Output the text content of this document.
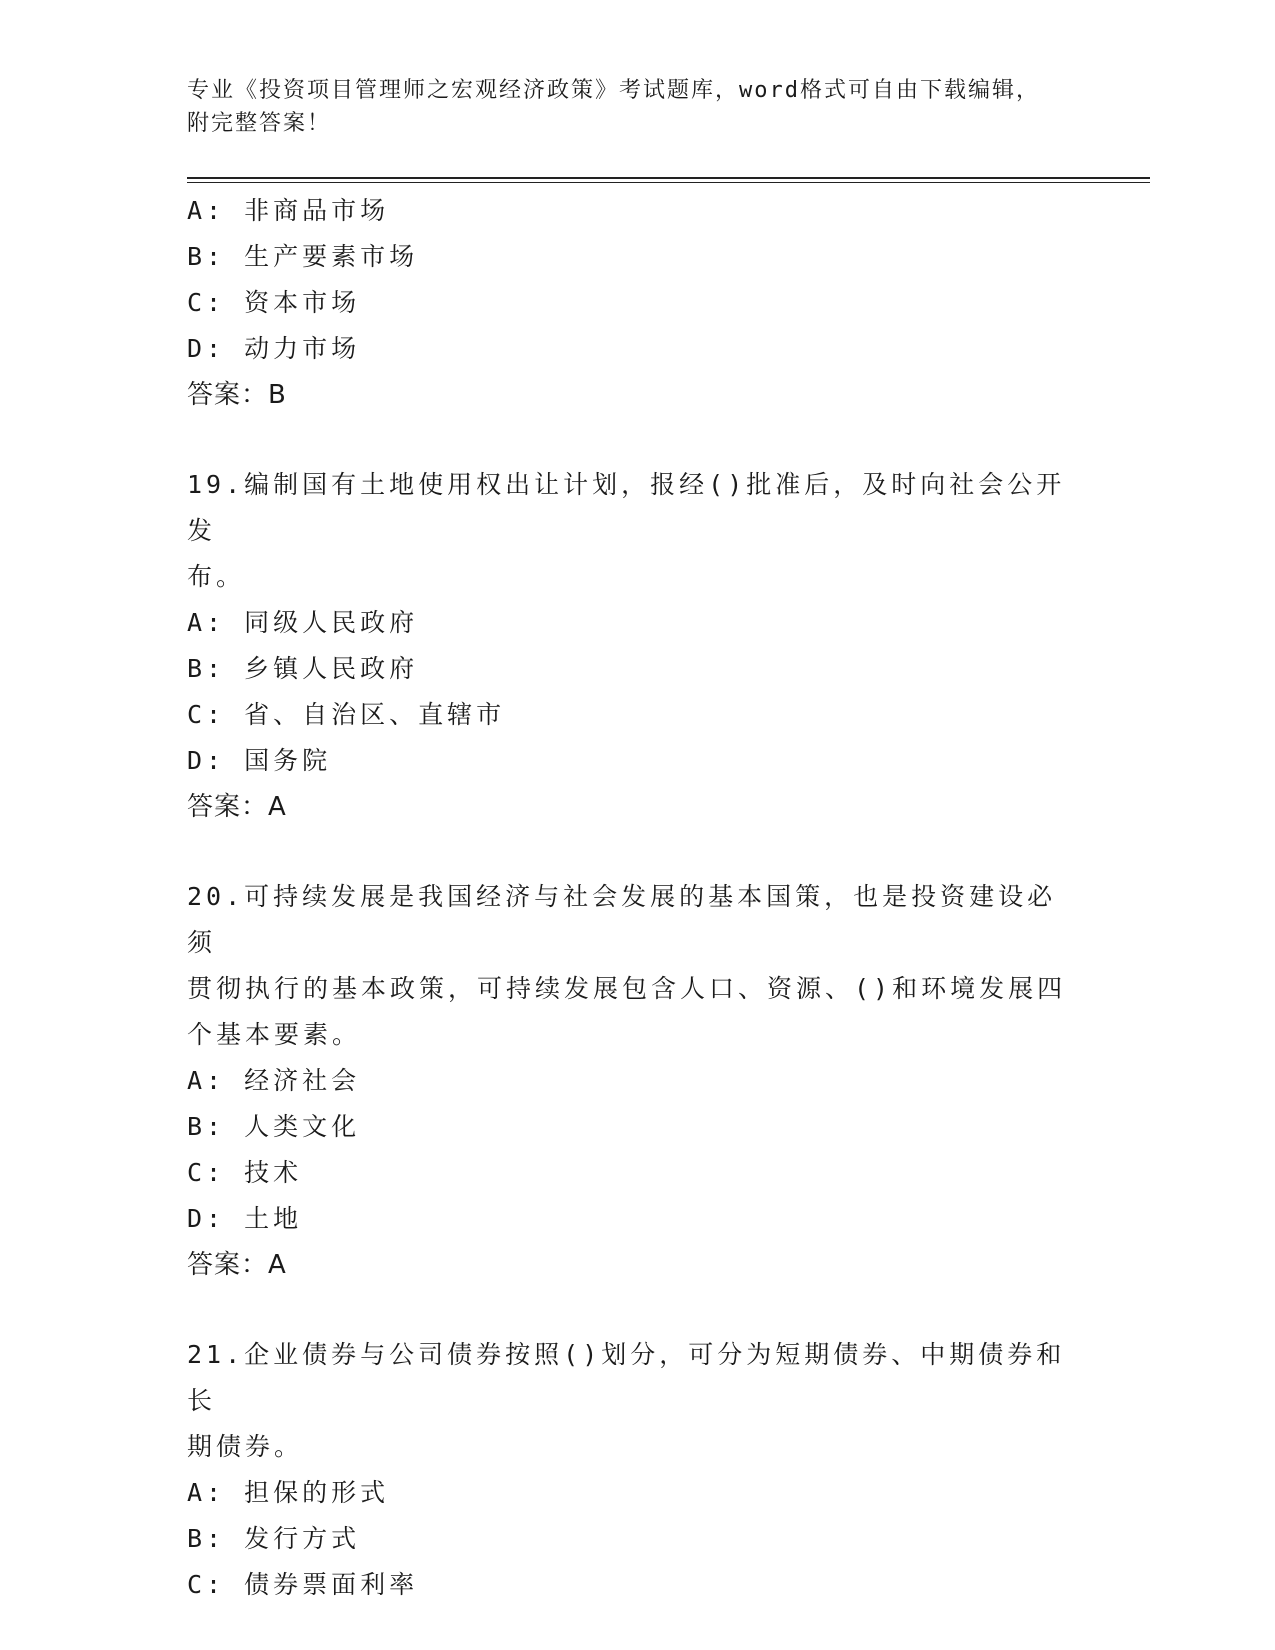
专业《投资项目管理师之宏观经济政策》考试题库，word格式可自由下载编辑，
附完整答案！
A: 非商品市场
B: 生产要素市场
C: 资本市场
D: 动力市场
答案：B
19.编制国有土地使用权出让计划，报经()批准后，及时向社会公开发
布。
A: 同级人民政府
B: 乡镇人民政府
C: 省、自治区、直辖市
D: 国务院
答案：A
20.可持续发展是我国经济与社会发展的基本国策，也是投资建设必须
贯彻执行的基本政策，可持续发展包含人口、资源、()和环境发展四
个基本要素。
A: 经济社会
B: 人类文化
C: 技术
D: 土地
答案：A
21.企业债券与公司债券按照()划分，可分为短期债券、中期债券和长
期债券。
A: 担保的形式
B: 发行方式
C: 债券票面利率
